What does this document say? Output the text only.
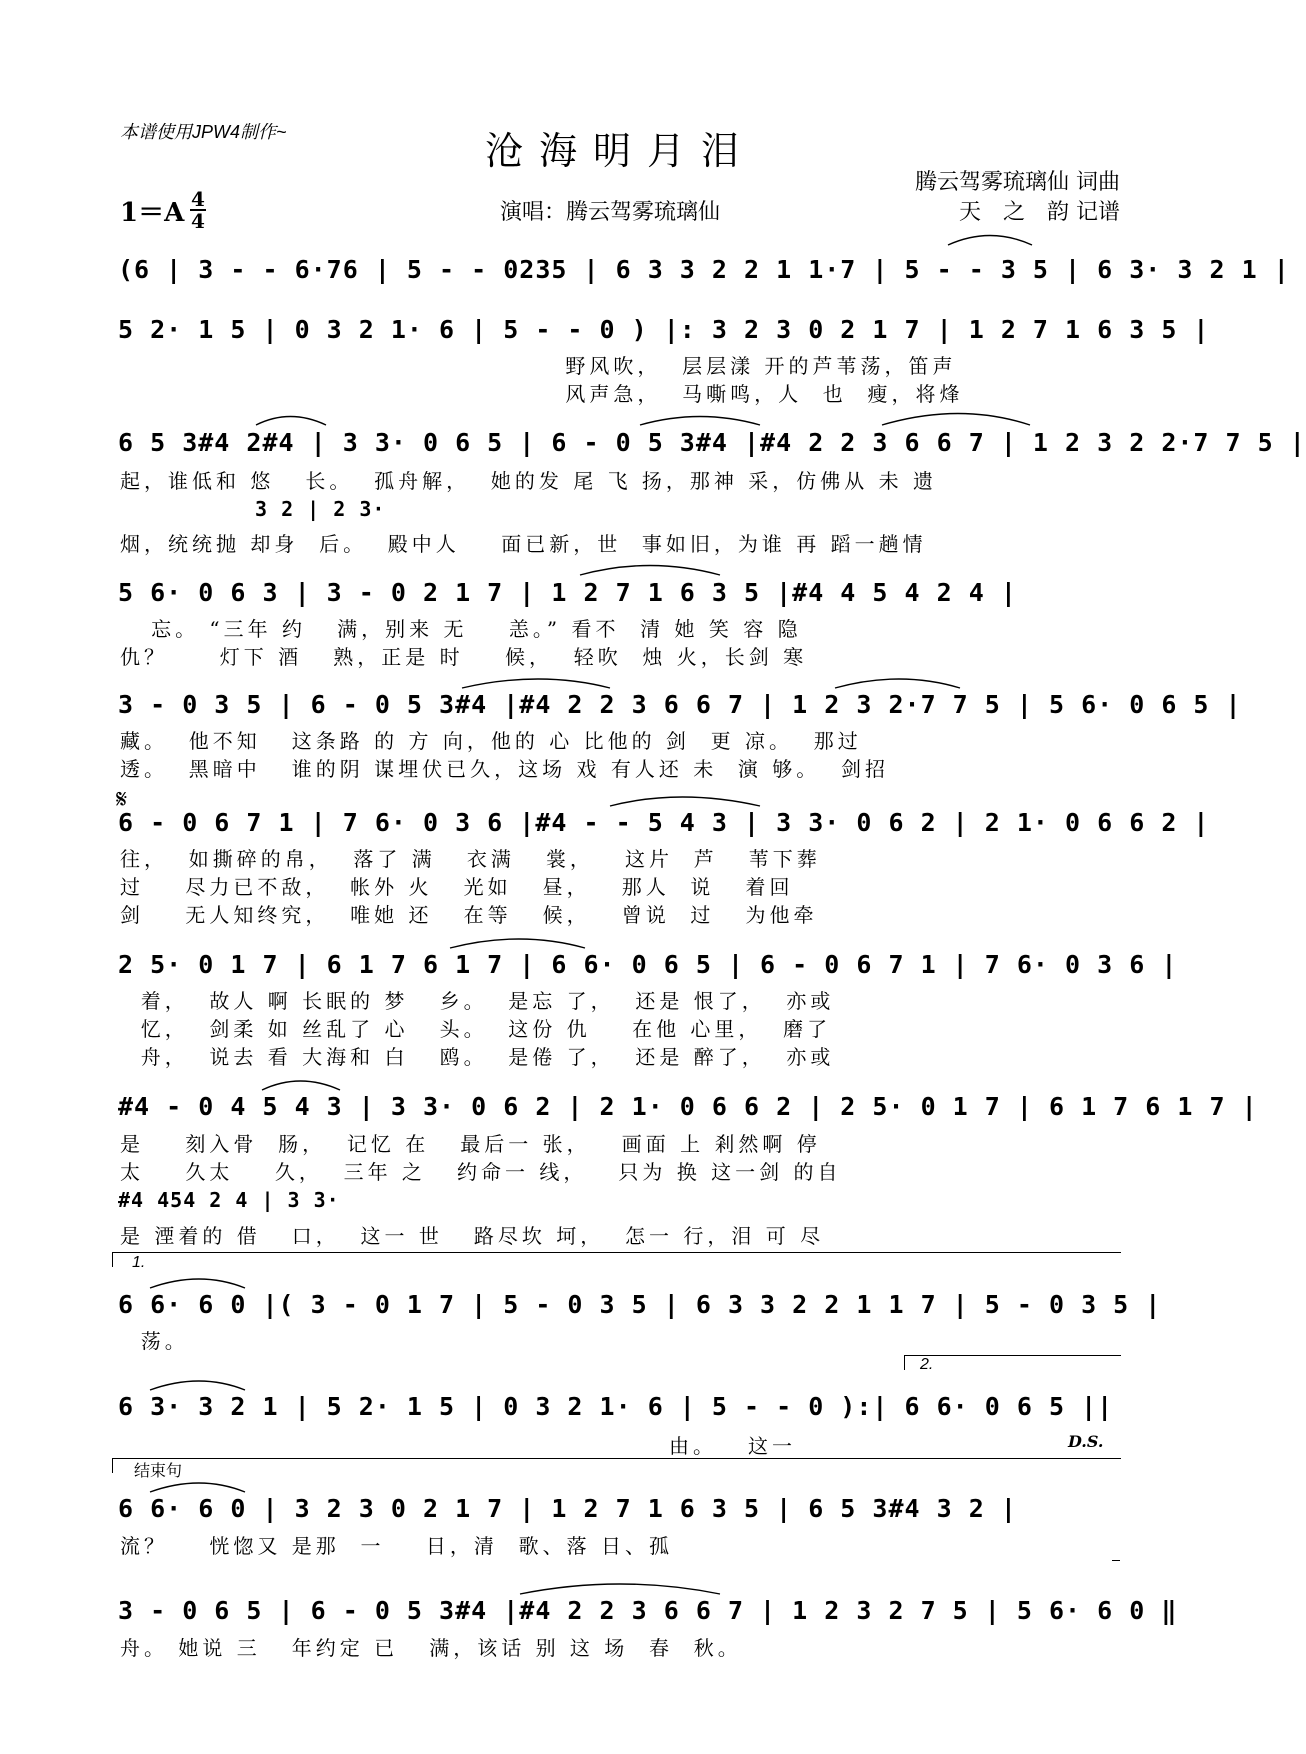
本谱使用JPW4制作~	沧海明月泪
1＝A 4
4	演唱：腾云驾雾琉璃仙
腾云驾雾琉璃仙 词曲
天　之　韵 记谱
(6 | 3 - - 6·76 | 5 - - 0235 | 6 3 3 2 2 1 1·7 | 5 - - 3 5 | 6 3· 3 2 1 |
5 2· 1 5 | 0 3 2 1· 6 | 5 - - 0 ) |: 3 2 3 0 2 1 7 | 1 2 7 1 6 3 5 |
野风吹，  层层漾 开的芦苇荡，笛声
风声急，  马嘶鸣，人  也  瘦，将烽
6 5 3#4 2#4 | 3 3· 0 6 5 | 6 - 0 5 3#4 |#4 2 2 3 6 6 7 | 1 2 3 2 2·7 7 5 |
起，谁低和 悠   长。  孤舟解，  她的发 尾 飞 扬，那神 采，仿佛从 未 遗
3 2 | 2 3·
烟，统统抛 却身  后。  殿中人    面已新，世  事如旧，为谁 再 蹈一趟情
5 6· 0 6 3 | 3 - 0 2 1 7 | 1 2 7 1 6 3 5 |#4 4 5 4 2 4 |
忘。 “三年 约   满，别来 无    恙。” 看不  清 她 笑 容 隐
仇？     灯下 酒   熟，正是 时    候，  轻吹  烛 火，长剑 寒
3 - 0 3 5 | 6 - 0 5 3#4 |#4 2 2 3 6 6 7 | 1 2 3 2·7 7 5 | 5 6· 0 6 5 |
藏。  他不知   这条路 的 方 向，他的 心 比他的 剑  更 凉。  那过
透。  黑暗中   谁的阴 谋埋伏已久，这场 戏 有人还 未  演 够。  剑招
𝄋
6 - 0 6 7 1 | 7 6· 0 3 6 |#4 - - 5 4 3 | 3 3· 0 6 2 | 2 1· 0 6 6 2 |
往，  如撕碎的帛，  落了 满   衣满   裳，   这片  芦   苇下葬
过    尽力已不敌，  帐外 火   光如   昼，   那人  说   着回
剑    无人知终究，  唯她 还   在等   候，   曾说  过   为他牵
2 5· 0 1 7 | 6 1 7 6 1 7 | 6 6· 0 6 5 | 6 - 0 6 7 1 | 7 6· 0 3 6 |
着，  故人 啊 长眠的 梦   乡。  是忘 了，  还是 恨了，  亦或
忆，  剑柔 如 丝乱了 心   头。  这份 仇    在他 心里，  磨了
舟，  说去 看 大海和 白   鸥。  是倦 了，  还是 醉了，  亦或
#4 - 0 4 5 4 3 | 3 3· 0 6 2 | 2 1· 0 6 6 2 | 2 5· 0 1 7 | 6 1 7 6 1 7 |
是    刻入骨  肠，  记忆 在   最后一 张，   画面 上 剎然啊 停
太    久太    久，  三年 之   约命一 线，   只为 换 这一剑 的自
#4 454 2 4 | 3 3·
是 湮着的 借   口，  这一 世   路尽坎 坷，  怎一 行，泪 可 尽
1.
6 6· 6 0 |( 3 - 0 1 7 | 5 - 0 3 5 | 6 3 3 2 2 1 1 7 | 5 - 0 3 5 |
荡。
2.
6 3· 3 2 1 | 5 2· 1 5 | 0 3 2 1· 6 | 5 - - 0 ):| 6 6· 0 6 5 ||
由。   这一	D.S.
结束句
6 6· 6 0 | 3 2 3 0 2 1 7 | 1 2 7 1 6 3 5 | 6 5 3#4 3 2 |
流？    恍惚又 是那  一    日，清  歌、落 日、孤
3 - 0 6 5 | 6 - 0 5 3#4 |#4 2 2 3 6 6 7 | 1 2 3 2 7 5 | 5 6· 6 0 ‖
舟。 她说 三   年约定 已   满，该话 别 这 场  春  秋。
